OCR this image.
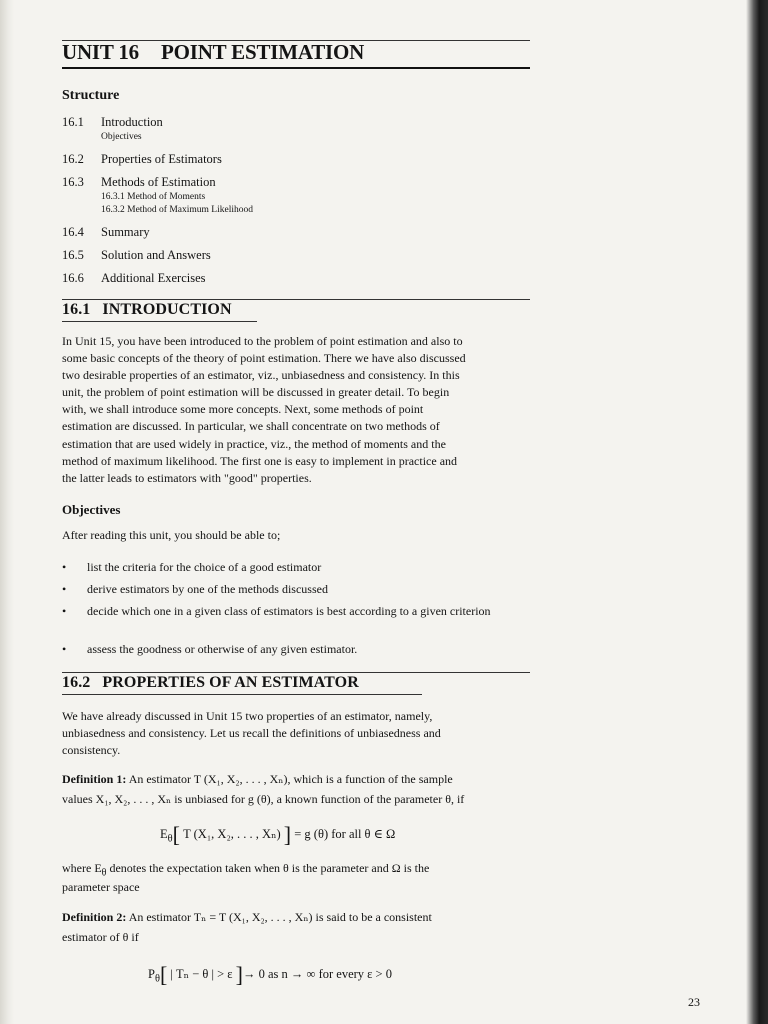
UNIT 16 POINT ESTIMATION
Structure
16.1 Introduction
Objectives
16.2 Properties of Estimators
16.3 Methods of Estimation
16.3.1 Method of Moments
16.3.2 Method of Maximum Likelihood
16.4 Summary
16.5 Solution and Answers
16.6 Additional Exercises
16.1 INTRODUCTION
In Unit 15, you have been introduced to the problem of point estimation and also to
some basic concepts of the theory of point estimation. There we have also discussed
two desirable properties of an estimator, viz., unbiasedness and consistency. In this
unit, the problem of point estimation will be discussed in greater detail. To begin
with, we shall introduce some more concepts. Next, some methods of point
estimation are discussed. In particular, we shall concentrate on two methods of
estimation that are used widely in practice, viz., the method of moments and the
method of maximum likelihood. The first one is easy to implement in practice and
the latter leads to estimators with "good" properties.
Objectives
After reading this unit, you should be able to;
• list the criteria for the choice of a good estimator
• derive estimators by one of the methods discussed
• decide which one in a given class of estimators is best according to a given criterion
• assess the goodness or otherwise of any given estimator.
16.2 PROPERTIES OF AN ESTIMATOR
We have already discussed in Unit 15 two properties of an estimator, namely,
unbiasedness and consistency. Let us recall the definitions of unbiasedness and
consistency.
Definition 1: An estimator T (X₁, X₂, . . . , Xₙ), which is a function of the sample
values X₁, X₂, . . . , Xₙ is unbiased for g (θ), a known function of the parameter θ, if
$E_\theta$[ T (X₁, X₂, . . . , Xₙ) ] = g (θ) for all θ ∈ Ω
where $E_\theta$ denotes the expectation taken when θ is the parameter and Ω is the
parameter space
Definition 2: An estimator Tₙ = T (X₁, X₂, . . . , Xₙ) is said to be a consistent
estimator of θ if
$P_\theta$[ | Tₙ − θ | > ε ]→ 0 as n → ∞ for every ε > 0
23
